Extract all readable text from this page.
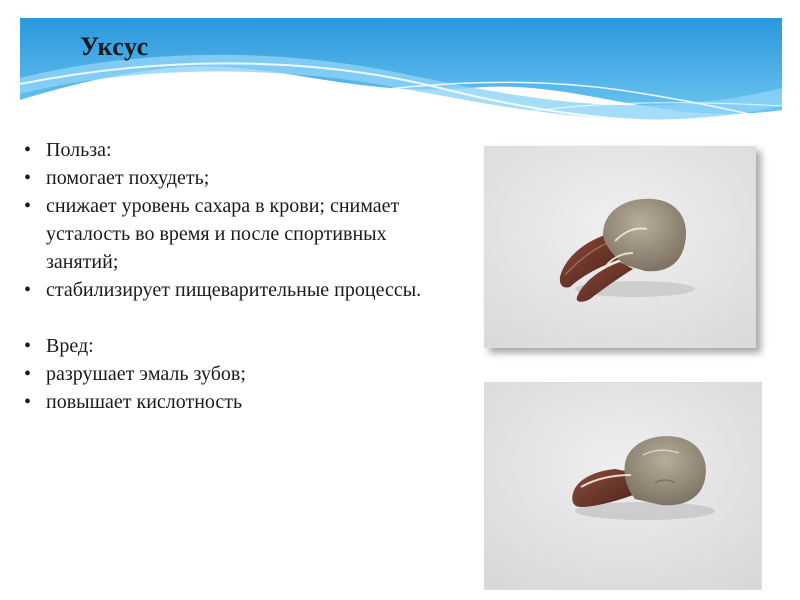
Уксус
• Польза:
• помогает похудеть;
• снижает уровень сахара в крови; снимает усталость во время и после спортивных занятий;
• стабилизирует пищеварительные процессы.
• Вред:
• разрушает эмаль зубов;
• повышает кислотность
